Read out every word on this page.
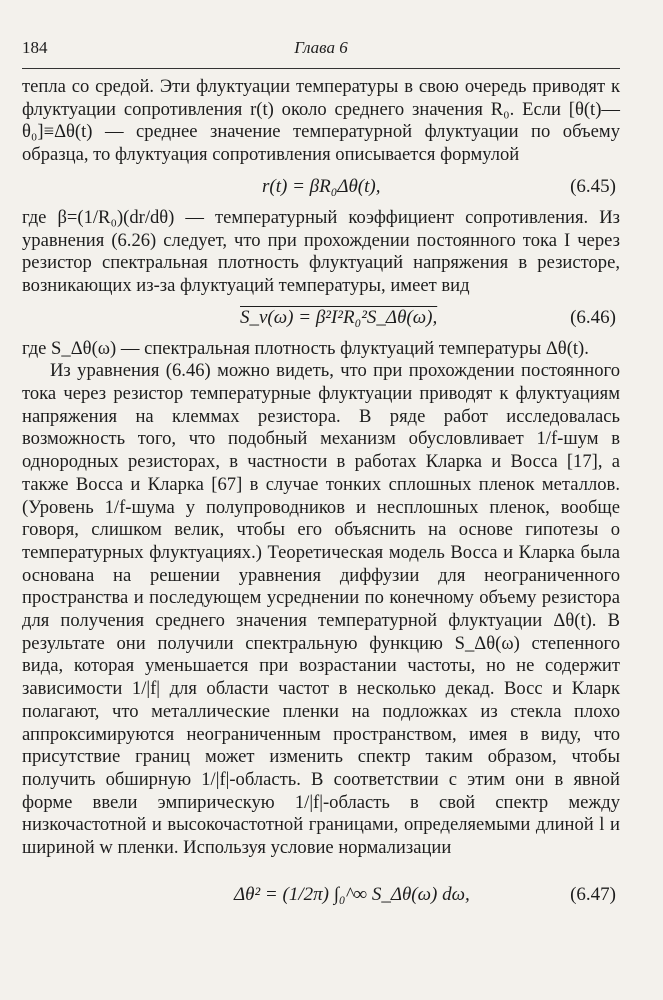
184	Глава 6

тепла со средой. Эти флуктуации температуры в свою очередь приводят к флуктуации сопротивления r(t) около среднего значения R₀. Если [θ(t)—θ₀]≡Δθ(t) — среднее значение температурной флуктуации по объему образца, то флуктуация сопротивления описывается формулой

r(t) = βR₀Δθ(t),	(6.45)

где β=(1/R₀)(dr/dθ) — температурный коэффициент сопротивления. Из уравнения (6.26) следует, что при прохождении постоянного тока I через резистор спектральная плотность флуктуаций напряжения в резисторе, возникающих из-за флуктуаций температуры, имеет вид

S_v(ω) = β²I²R₀²S_Δθ(ω),	(6.46)

где S_Δθ(ω) — спектральная плотность флуктуаций температуры Δθ(t).

Из уравнения (6.46) можно видеть, что при прохождении постоянного тока через резистор температурные флуктуации приводят к флуктуациям напряжения на клеммах резистора. В ряде работ исследовалась возможность того, что подобный механизм обусловливает 1/f-шум в однородных резисторах, в частности в работах Кларка и Восса [17], а также Восса и Кларка [67] в случае тонких сплошных пленок металлов. (Уровень 1/f-шума у полупроводников и несплошных пленок, вообще говоря, слишком велик, чтобы его объяснить на основе гипотезы о температурных флуктуациях.) Теоретическая модель Восса и Кларка была основана на решении уравнения диффузии для неограниченного пространства и последующем усреднении по конечному объему резистора для получения среднего значения температурной флуктуации Δθ(t). В результате они получили спектральную функцию S_Δθ(ω) степенного вида, которая уменьшается при возрастании частоты, но не содержит зависимости 1/|f| для области частот в несколько декад. Восс и Кларк полагают, что металлические пленки на подложках из стекла плохо аппроксимируются неограниченным пространством, имея в виду, что присутствие границ может изменить спектр таким образом, чтобы получить обширную 1/|f|-область. В соответствии с этим они в явной форме ввели эмпирическую 1/|f|-область в свой спектр между низкочастотной и высокочастотной границами, определяемыми длиной l и шириной w пленки. Используя условие нормализации

Δθ² = (1/2π) ∫₀^∞ S_Δθ(ω) dω,	(6.47)
